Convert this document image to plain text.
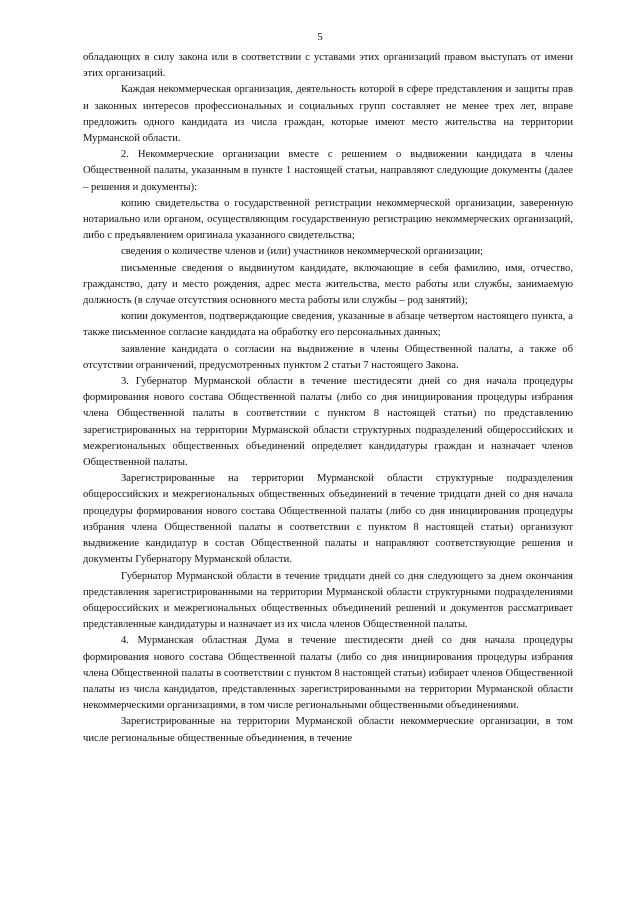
5

обладающих в силу закона или в соответствии с уставами этих организаций правом выступать от имени этих организаций.

Каждая некоммерческая организация, деятельность которой в сфере представления и защиты прав и законных интересов профессиональных и социальных групп составляет не менее трех лет, вправе предложить одного кандидата из числа граждан, которые имеют место жительства на территории Мурманской области.

2. Некоммерческие организации вместе с решением о выдвижении кандидата в члены Общественной палаты, указанным в пункте 1 настоящей статьи, направляют следующие документы (далее – решения и документы):

копию свидетельства о государственной регистрации некоммерческой организации, заверенную нотариально или органом, осуществляющим государственную регистрацию некоммерческих организаций, либо с предъявлением оригинала указанного свидетельства;

сведения о количестве членов и (или) участников некоммерческой организации;

письменные сведения о выдвинутом кандидате, включающие в себя фамилию, имя, отчество, гражданство, дату и место рождения, адрес места жительства, место работы или службы, занимаемую должность (в случае отсутствия основного места работы или службы – род занятий);

копии документов, подтверждающие сведения, указанные в абзаце четвертом настоящего пункта, а также письменное согласие кандидата на обработку его персональных данных;

заявление кандидата о согласии на выдвижение в члены Общественной палаты, а также об отсутствии ограничений, предусмотренных пунктом 2 статьи 7 настоящего Закона.

3. Губернатор Мурманской области в течение шестидесяти дней со дня начала процедуры формирования нового состава Общественной палаты (либо со дня инициирования процедуры избрания члена Общественной палаты в соответствии с пунктом 8 настоящей статьи) по представлению зарегистрированных на территории Мурманской области структурных подразделений общероссийских и межрегиональных общественных объединений определяет кандидатуры граждан и назначает членов Общественной палаты.

Зарегистрированные на территории Мурманской области структурные подразделения общероссийских и межрегиональных общественных объединений в течение тридцати дней со дня начала процедуры формирования нового состава Общественной палаты (либо со дня инициирования процедуры избрания члена Общественной палаты в соответствии с пунктом 8 настоящей статьи) организуют выдвижение кандидатур в состав Общественной палаты и направляют соответствующие решения и документы Губернатору Мурманской области.

Губернатор Мурманской области в течение тридцати дней со дня следующего за днем окончания представления зарегистрированными на территории Мурманской области структурными подразделениями общероссийских и межрегиональных общественных объединений решений и документов рассматривает представленные кандидатуры и назначает из их числа членов Общественной палаты.

4. Мурманская областная Дума в течение шестидесяти дней со дня начала процедуры формирования нового состава Общественной палаты (либо со дня инициирования процедуры избрания члена Общественной палаты в соответствии с пунктом 8 настоящей статьи) избирает членов Общественной палаты из числа кандидатов, представленных зарегистрированными на территории Мурманской области некоммерческими организациями, в том числе региональными общественными объединениями.

Зарегистрированные на территории Мурманской области некоммерческие организации, в том числе региональные общественные объединения, в течение
